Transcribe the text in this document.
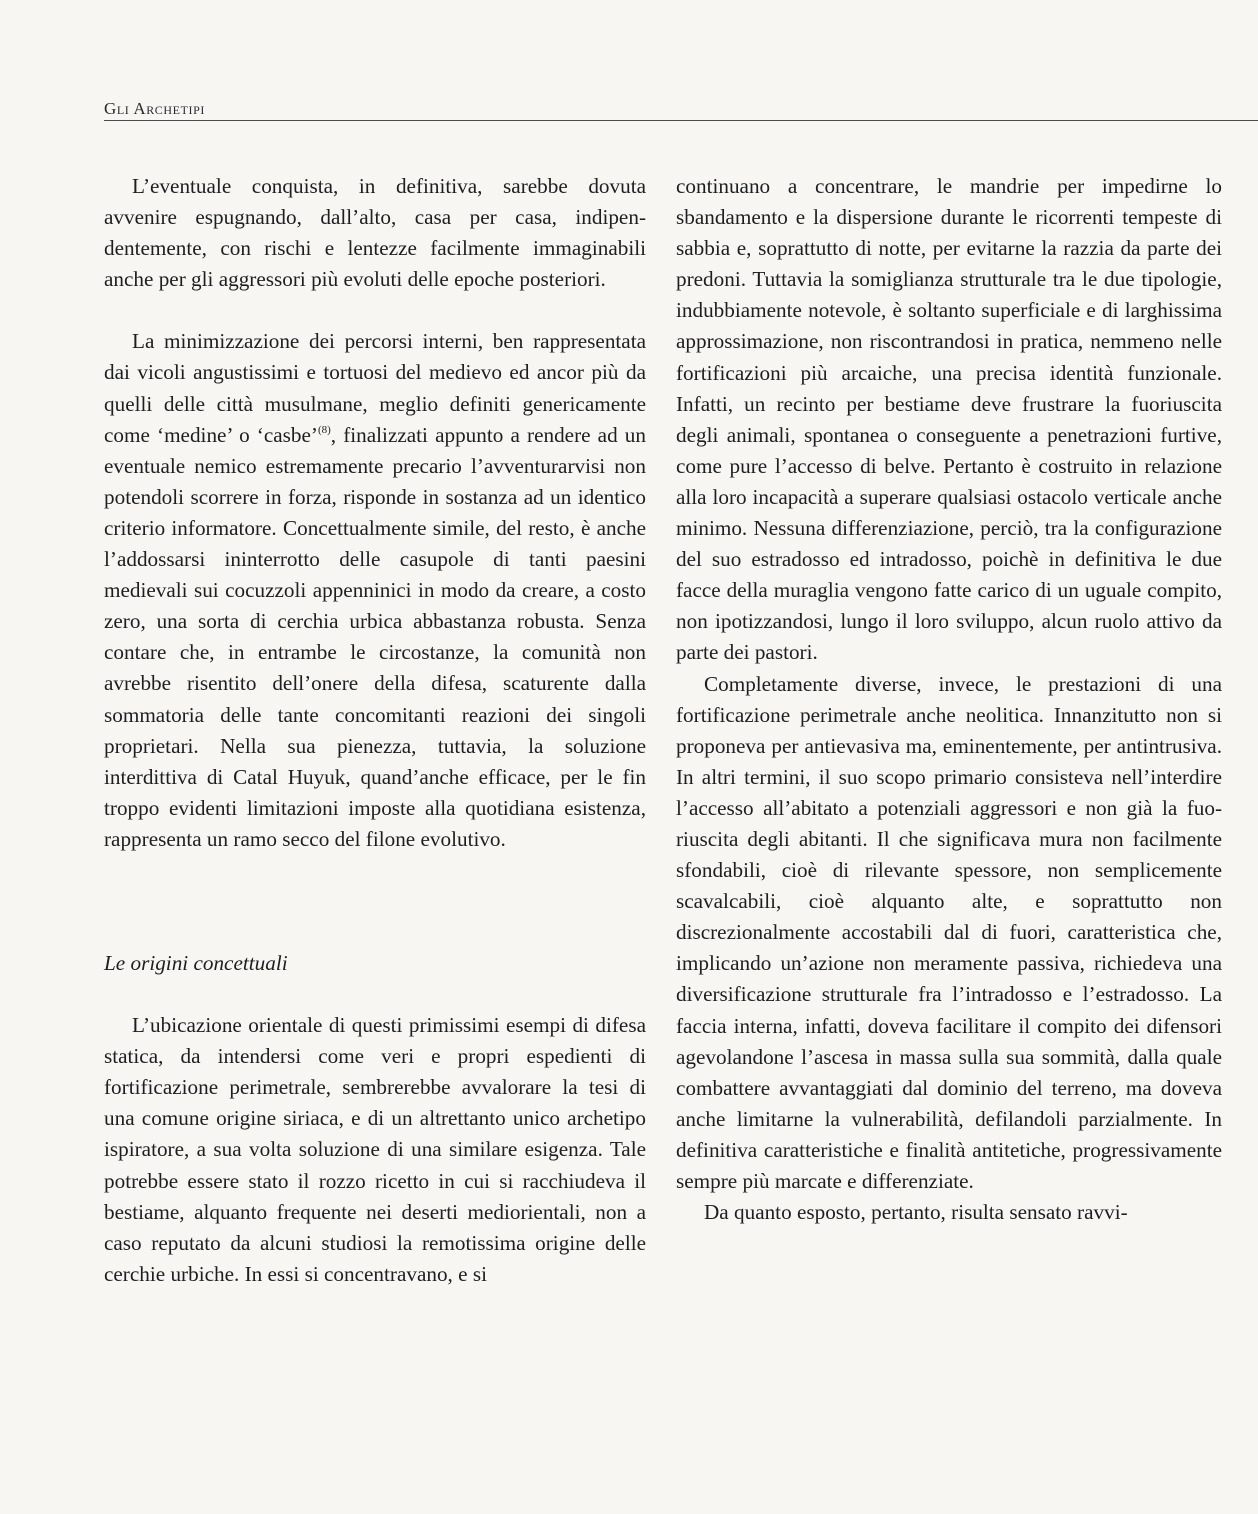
Gli Archetipi

L’eventuale conquista, in definitiva, sarebbe dovuta avvenire espugnando, dall’alto, casa per casa, indipendentemente, con rischi e lentezze facilmente immaginabili anche per gli aggressori più evoluti delle epoche posteriori.

La minimizzazione dei percorsi interni, ben rappresentata dai vicoli angustissimi e tortuosi del medievo ed ancor più da quelli delle città musulmane, meglio definiti genericamente come ‘medine’ o ‘casbe’$^{(8)}$, finalizzati appunto a rendere ad un eventuale nemico estremamente precario l’avventurarvisi non potendoli scorrere in forza, risponde in sostanza ad un identico criterio informatore. Concettualmente simile, del resto, è anche l’addossarsi ininterrotto delle casupole di tanti paesini medievali sui cocuzzoli appenninici in modo da creare, a costo zero, una sorta di cerchia urbica abbastanza robusta. Senza contare che, in entrambe le circostanze, la comunità non avrebbe risentito dell’onere della difesa, scaturente dalla sommatoria delle tante concomitanti reazioni dei singoli proprietari. Nella sua pienezza, tuttavia, la soluzione interdittiva di Catal Huyuk, quand’anche efficace, per le fin troppo evidenti limitazioni imposte alla quotidiana esistenza, rappresenta un ramo secco del filone evolutivo.

Le origini concettuali

L’ubicazione orientale di questi primissimi esempi di difesa statica, da intendersi come veri e propri espedienti di fortificazione perimetrale, sembrerebbe avvalorare la tesi di una comune origine siriaca, e di un altrettanto unico archetipo ispiratore, a sua volta soluzione di una similare esigenza. Tale potrebbe essere stato il rozzo ricetto in cui si racchiudeva il bestiame, alquanto frequente nei deserti mediorientali, non a caso reputato da alcuni studiosi la remotissima origine delle cerchie urbiche. In essi si concentravano, e si

continuano a concentrare, le mandrie per impedirne lo sbandamento e la dispersione durante le ricorrenti tempeste di sabbia e, soprattutto di notte, per evitarne la razzia da parte dei predoni. Tuttavia la somiglianza strutturale tra le due tipologie, indubbiamente notevole, è soltanto superficiale e di larghissima approssimazione, non riscontrandosi in pratica, nemmeno nelle fortificazioni più arcaiche, una precisa identità funzionale. Infatti, un recinto per bestiame deve frustrare la fuoriuscita degli animali, spontanea o conseguente a penetrazioni furtive, come pure l’accesso di belve. Pertanto è costruito in relazione alla loro incapacità a superare qualsiasi ostacolo verticale anche minimo. Nessuna differenziazione, perciò, tra la configurazione del suo estradosso ed intradosso, poichè in definitiva le due facce della muraglia vengono fatte carico di un uguale compito, non ipotizzandosi, lungo il loro sviluppo, alcun ruolo attivo da parte dei pastori.

Completamente diverse, invece, le prestazioni di una fortificazione perimetrale anche neolitica. Innanzitutto non si proponeva per antievasiva ma, eminentemente, per antintrusiva. In altri termini, il suo scopo primario consisteva nell’interdire l’accesso all’abitato a potenziali aggressori e non già la fuoriuscita degli abitanti. Il che significava mura non facilmente sfondabili, cioè di rilevante spessore, non semplicemente scavalcabili, cioè alquanto alte, e soprattutto non discrezionalmente accostabili dal di fuori, caratteristica che, implicando un’azione non meramente passiva, richiedeva una diversificazione strutturale fra l’intradosso e l’estradosso. La faccia interna, infatti, doveva facilitare il compito dei difensori agevolandone l’ascesa in massa sulla sua sommità, dalla quale combattere avvantaggiati dal dominio del terreno, ma doveva anche limitarne la vulnerabilità, defilandoli parzialmente. In definitiva caratteristiche e finalità antitetiche, progressivamente sempre più marcate e differenziate.

Da quanto esposto, pertanto, risulta sensato ravvi-
